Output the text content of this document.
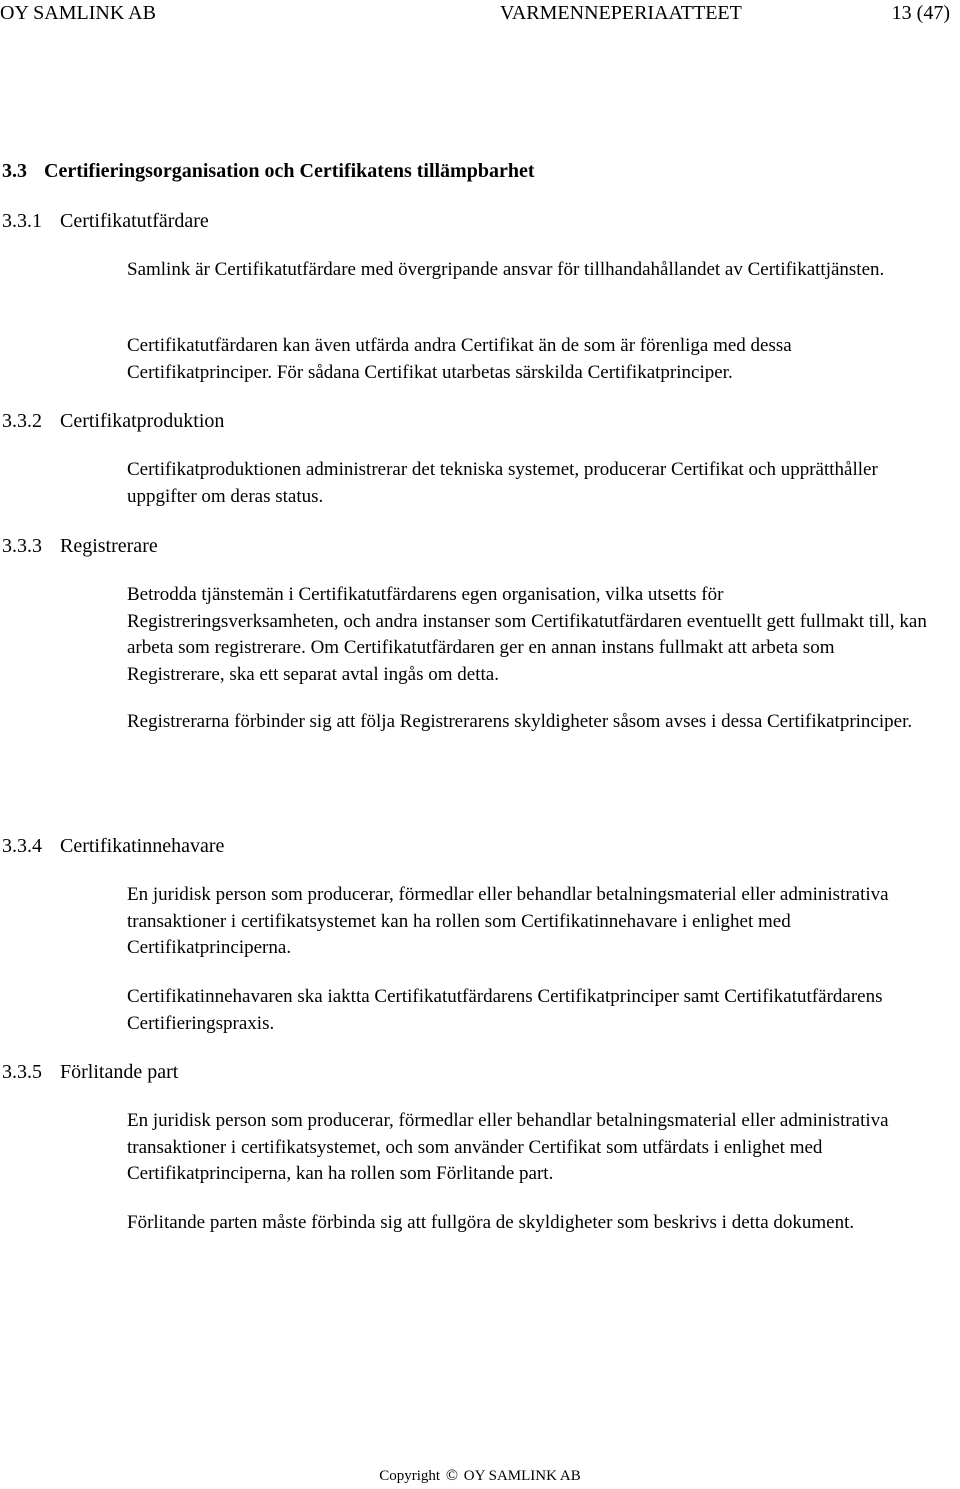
OY SAMLINK AB	VARMENNEPERIAATTEET	13 (47)
3.3 Certifieringsorganisation och Certifikatens tillämpbarhet
3.3.1 Certifikatutfärdare

Samlink är Certifikatutfärdare med övergripande ansvar för tillhandahållandet av Certifikattjänsten.

Certifikatutfärdaren kan även utfärda andra Certifikat än de som är förenliga med dessa Certifikatprinciper. För sådana Certifikat utarbetas särskilda Certifikatprinciper.

3.3.2 Certifikatproduktion

Certifikatproduktionen administrerar det tekniska systemet, producerar Certifikat och upprätthåller uppgifter om deras status.

3.3.3 Registrerare

Betrodda tjänstemän i Certifikatutfärdarens egen organisation, vilka utsetts för Registreringsverksamheten, och andra instanser som Certifikatutfärdaren eventuellt gett fullmakt till, kan arbeta som registrerare. Om Certifikatutfärdaren ger en annan instans fullmakt att arbeta som Registrerare, ska ett separat avtal ingås om detta.

Registrerarna förbinder sig att följa Registrerarens skyldigheter såsom avses i dessa Certifikatprinciper.

3.3.4 Certifikatinnehavare

En juridisk person som producerar, förmedlar eller behandlar betalningsmaterial eller administrativa transaktioner i certifikatsystemet kan ha rollen som Certifikatinnehavare i enlighet med Certifikatprinciperna.

Certifikatinnehavaren ska iaktta Certifikatutfärdarens Certifikatprinciper samt Certifikatutfärdarens Certifieringspraxis.

3.3.5 Förlitande part

En juridisk person som producerar, förmedlar eller behandlar betalningsmaterial eller administrativa transaktioner i certifikatsystemet, och som använder Certifikat som utfärdats i enlighet med Certifikatprinciperna, kan ha rollen som Förlitande part.

Förlitande parten måste förbinda sig att fullgöra de skyldigheter som beskrivs i detta dokument.

Copyright © OY SAMLINK AB
